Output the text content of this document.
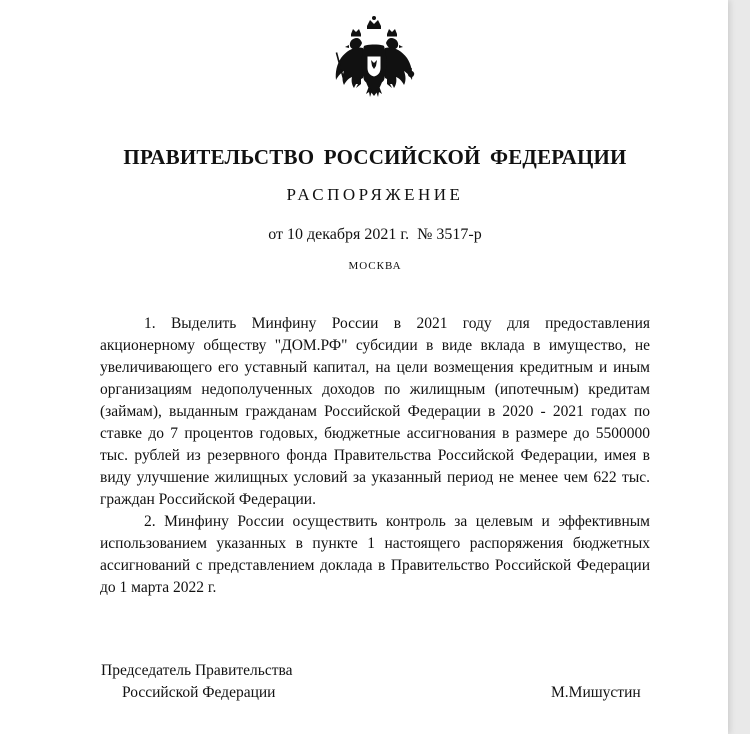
ПРАВИТЕЛЬСТВО РОССИЙСКОЙ ФЕДЕРАЦИИ
РАСПОРЯЖЕНИЕ
от 10 декабря 2021 г. № 3517-р
МОСКВА

1. Выделить Минфину России в 2021 году для предоставления акционерному обществу "ДОМ.РФ" субсидии в виде вклада в имущество, не увеличивающего его уставный капитал, на цели возмещения кредитным и иным организациям недополученных доходов по жилищным (ипотечным) кредитам (займам), выданным гражданам Российской Федерации в 2020 - 2021 годах по ставке до 7 процентов годовых, бюджетные ассигнования в размере до 5500000 тыс. рублей из резервного фонда Правительства Российской Федерации, имея в виду улучшение жилищных условий за указанный период не менее чем 622 тыс. граждан Российской Федерации.

2. Минфину России осуществить контроль за целевым и эффективным использованием указанных в пункте 1 настоящего распоряжения бюджетных ассигнований с представлением доклада в Правительство Российской Федерации до 1 марта 2022 г.

Председатель Правительства
Российской Федерации	М.Мишустин
